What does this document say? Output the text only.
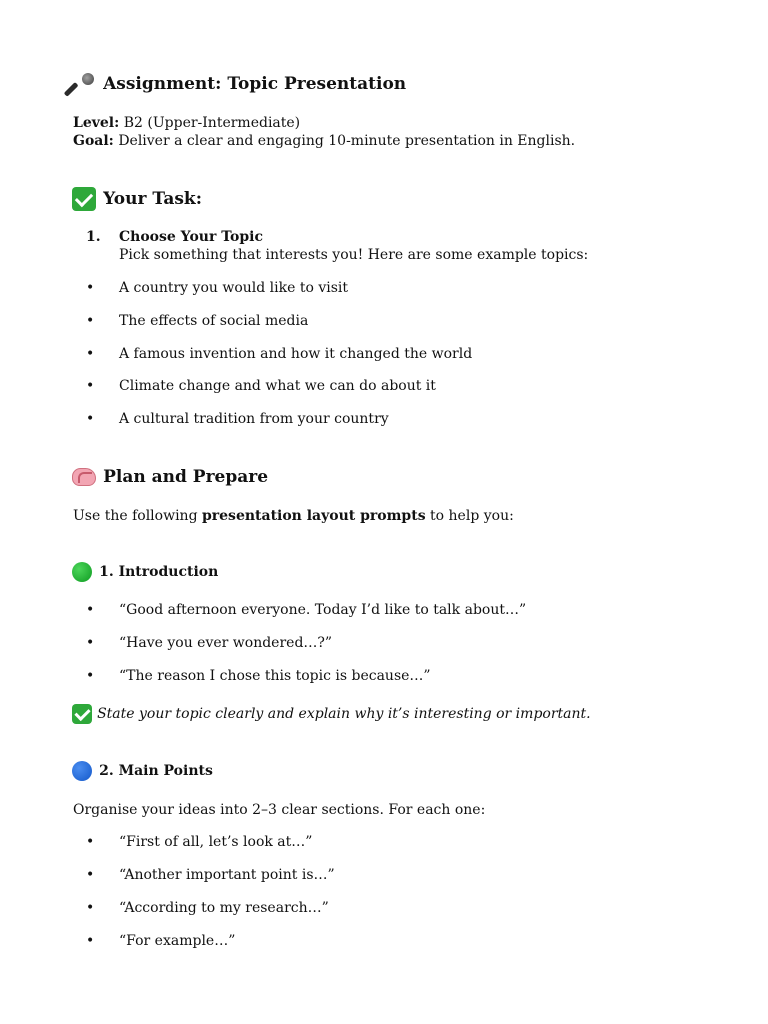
Assignment: Topic Presentation
Level: B2 (Upper-Intermediate)
Goal: Deliver a clear and engaging 10-minute presentation in English.
Your Task:
1. Choose Your Topic
Pick something that interests you! Here are some example topics:
• A country you would like to visit
• The effects of social media
• A famous invention and how it changed the world
• Climate change and what we can do about it
• A cultural tradition from your country
Plan and Prepare
Use the following presentation layout prompts to help you:
1. Introduction
• “Good afternoon everyone. Today I’d like to talk about…”
• “Have you ever wondered…?”
• “The reason I chose this topic is because…”
State your topic clearly and explain why it’s interesting or important.
2. Main Points
Organise your ideas into 2–3 clear sections. For each one:
• “First of all, let’s look at…”
• “Another important point is…”
• “According to my research…”
• “For example…”
